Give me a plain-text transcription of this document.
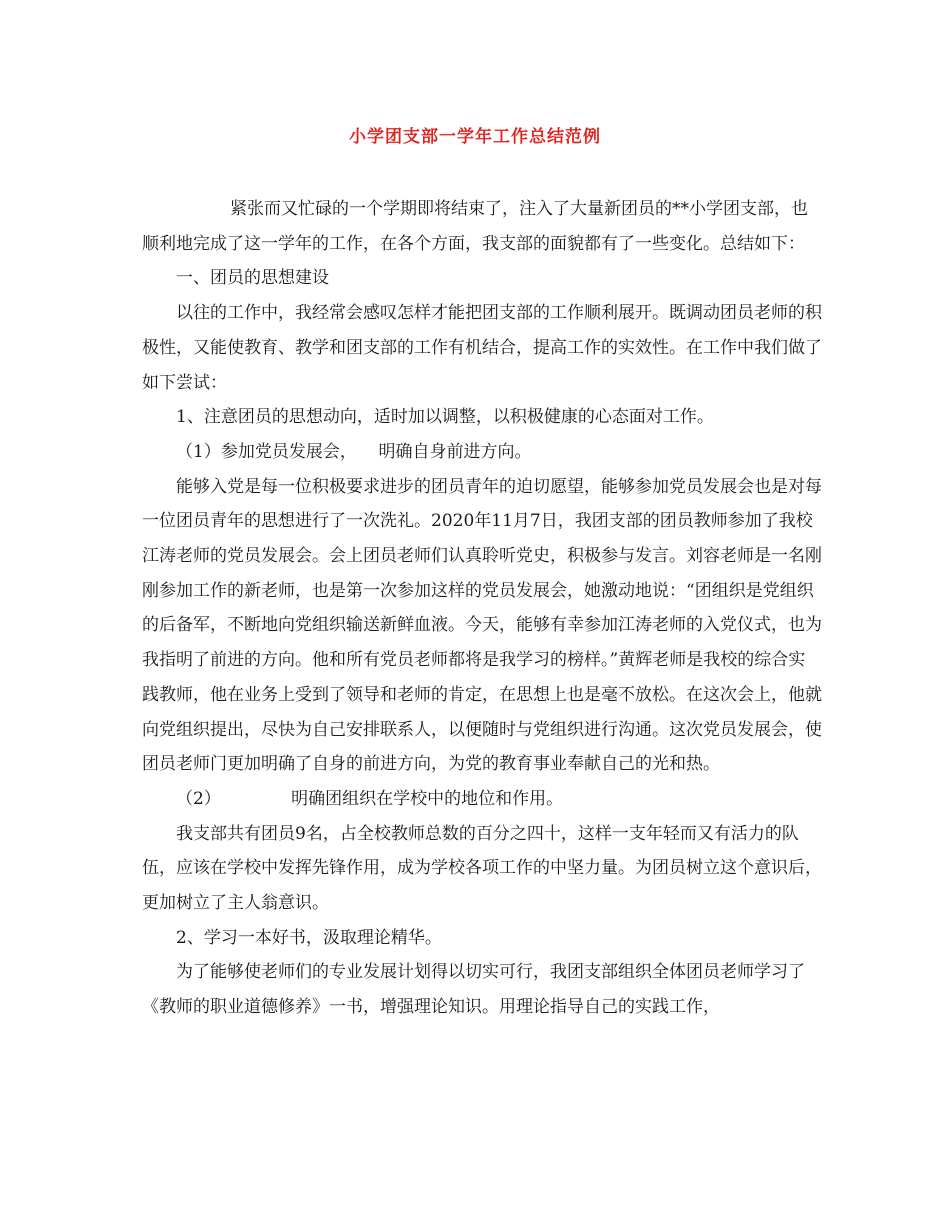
小学团支部一学年工作总结范例

紧张而又忙碌的一个学期即将结束了，注入了大量新团员的**小学团支部，也顺利地完成了这一学年的工作，在各个方面，我支部的面貌都有了一些变化。总结如下：

一、团员的思想建设

以往的工作中，我经常会感叹怎样才能把团支部的工作顺利展开。既调动团员老师的积极性，又能使教育、教学和团支部的工作有机结合，提高工作的实效性。在工作中我们做了如下尝试：

1、注意团员的思想动向，适时加以调整，以积极健康的心态面对工作。

（1）参加党员发展会， 明确自身前进方向。

能够入党是每一位积极要求进步的团员青年的迫切愿望，能够参加党员发展会也是对每一位团员青年的思想进行了一次洗礼。2020年11月7日，我团支部的团员教师参加了我校江涛老师的党员发展会。会上团员老师们认真聆听党史，积极参与发言。刘容老师是一名刚刚参加工作的新老师，也是第一次参加这样的党员发展会，她激动地说：“团组织是党组织的后备军，不断地向党组织输送新鲜血液。今天，能够有幸参加江涛老师的入党仪式，也为我指明了前进的方向。他和所有党员老师都将是我学习的榜样。”黄辉老师是我校的综合实践教师，他在业务上受到了领导和老师的肯定，在思想上也是毫不放松。在这次会上，他就向党组织提出，尽快为自己安排联系人，以便随时与党组织进行沟通。这次党员发展会，使团员老师门更加明确了自身的前进方向，为党的教育事业奉献自己的光和热。

（2）	明确团组织在学校中的地位和作用。

我支部共有团员9名，占全校教师总数的百分之四十，这样一支年轻而又有活力的队伍，应该在学校中发挥先锋作用，成为学校各项工作的中坚力量。为团员树立这个意识后，更加树立了主人翁意识。

2、学习一本好书，汲取理论精华。

为了能够使老师们的专业发展计划得以切实可行，我团支部组织全体团员老师学习了《教师的职业道德修养》一书，增强理论知识。用理论指导自己的实践工作，
